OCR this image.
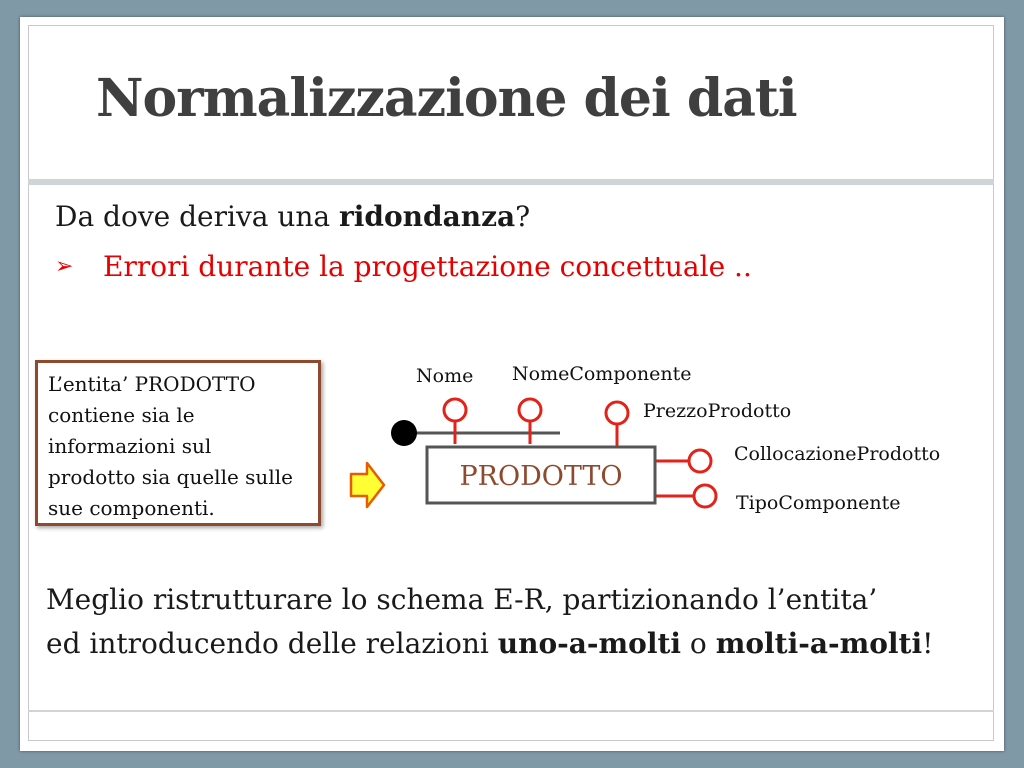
Normalizzazione dei dati
Da dove deriva una ridondanza?
➢	Errori durante la progettazione concettuale ..
L’entita’ PRODOTTO
contiene sia le
informazioni sul
prodotto sia quelle sulle
sue componenti.
PRODOTTO
Nome NomeComponente
PrezzoProdotto
CollocazioneProdotto
TipoComponente
Meglio ristrutturare lo schema E-R, partizionando l’entita’
ed introducendo delle relazioni uno-a-molti o molti-a-molti!
